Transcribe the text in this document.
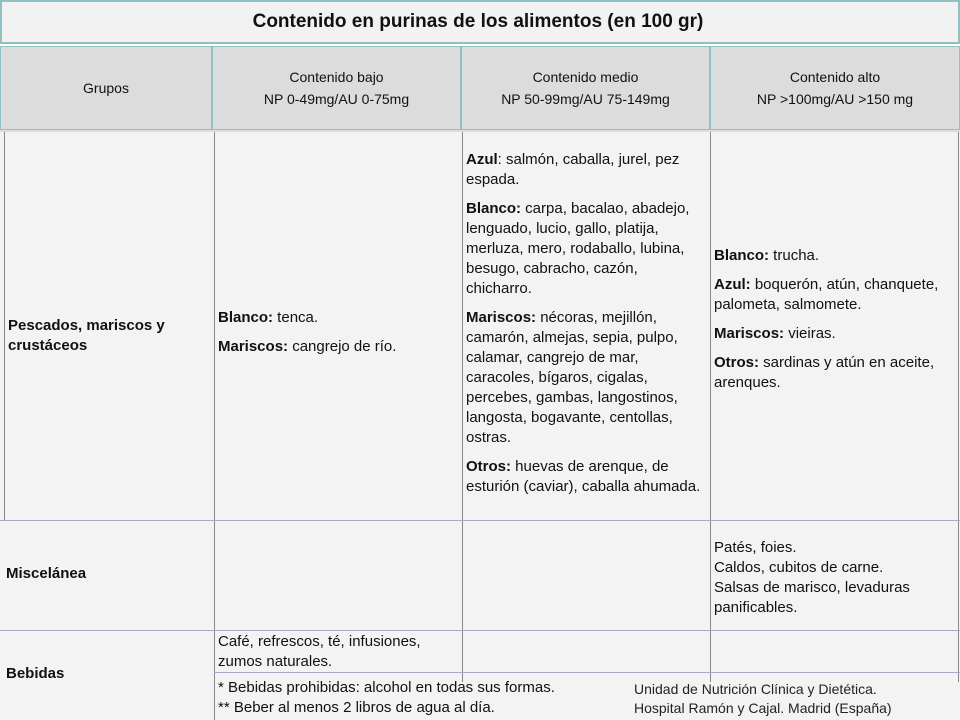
Contenido en purinas de los alimentos (en 100 gr)
Grupos
Contenido bajo
NP 0-49mg/AU 0-75mg
Contenido medio
NP 50-99mg/AU 75-149mg
Contenido alto
NP >100mg/AU >150 mg
Pescados, mariscos y crustáceos

Blanco: tenca.

Mariscos: cangrejo de río.

Azul: salmón, caballa, jurel, pez espada.

Blanco: carpa, bacalao, abadejo, lenguado, lucio, gallo, platija, merluza, mero, rodaballo, lubina, besugo, cabracho, cazón, chicharro.

Mariscos: nécoras, mejillón, camarón, almejas, sepia, pulpo, calamar, cangrejo de mar, caracoles, bígaros, cigalas, percebes, gambas, langostinos, langosta, bogavante, centollas, ostras.

Otros: huevas de arenque, de esturión (caviar), caballa ahumada.

Blanco: trucha.

Azul: boquerón, atún, chanquete, palometa, salmomete.

Mariscos: vieiras.

Otros: sardinas y atún en aceite, arenques.

Miscelánea
Patés, foies.
Caldos, cubitos de carne.
Salsas de marisco, levaduras panificables.
Bebidas
Café, refrescos, té, infusiones, zumos naturales.
* Bebidas prohibidas: alcohol en todas sus formas.
** Beber al menos 2 libros de agua al día.
Unidad de Nutrición Clínica y Dietética.
Hospital Ramón y Cajal. Madrid (España)
